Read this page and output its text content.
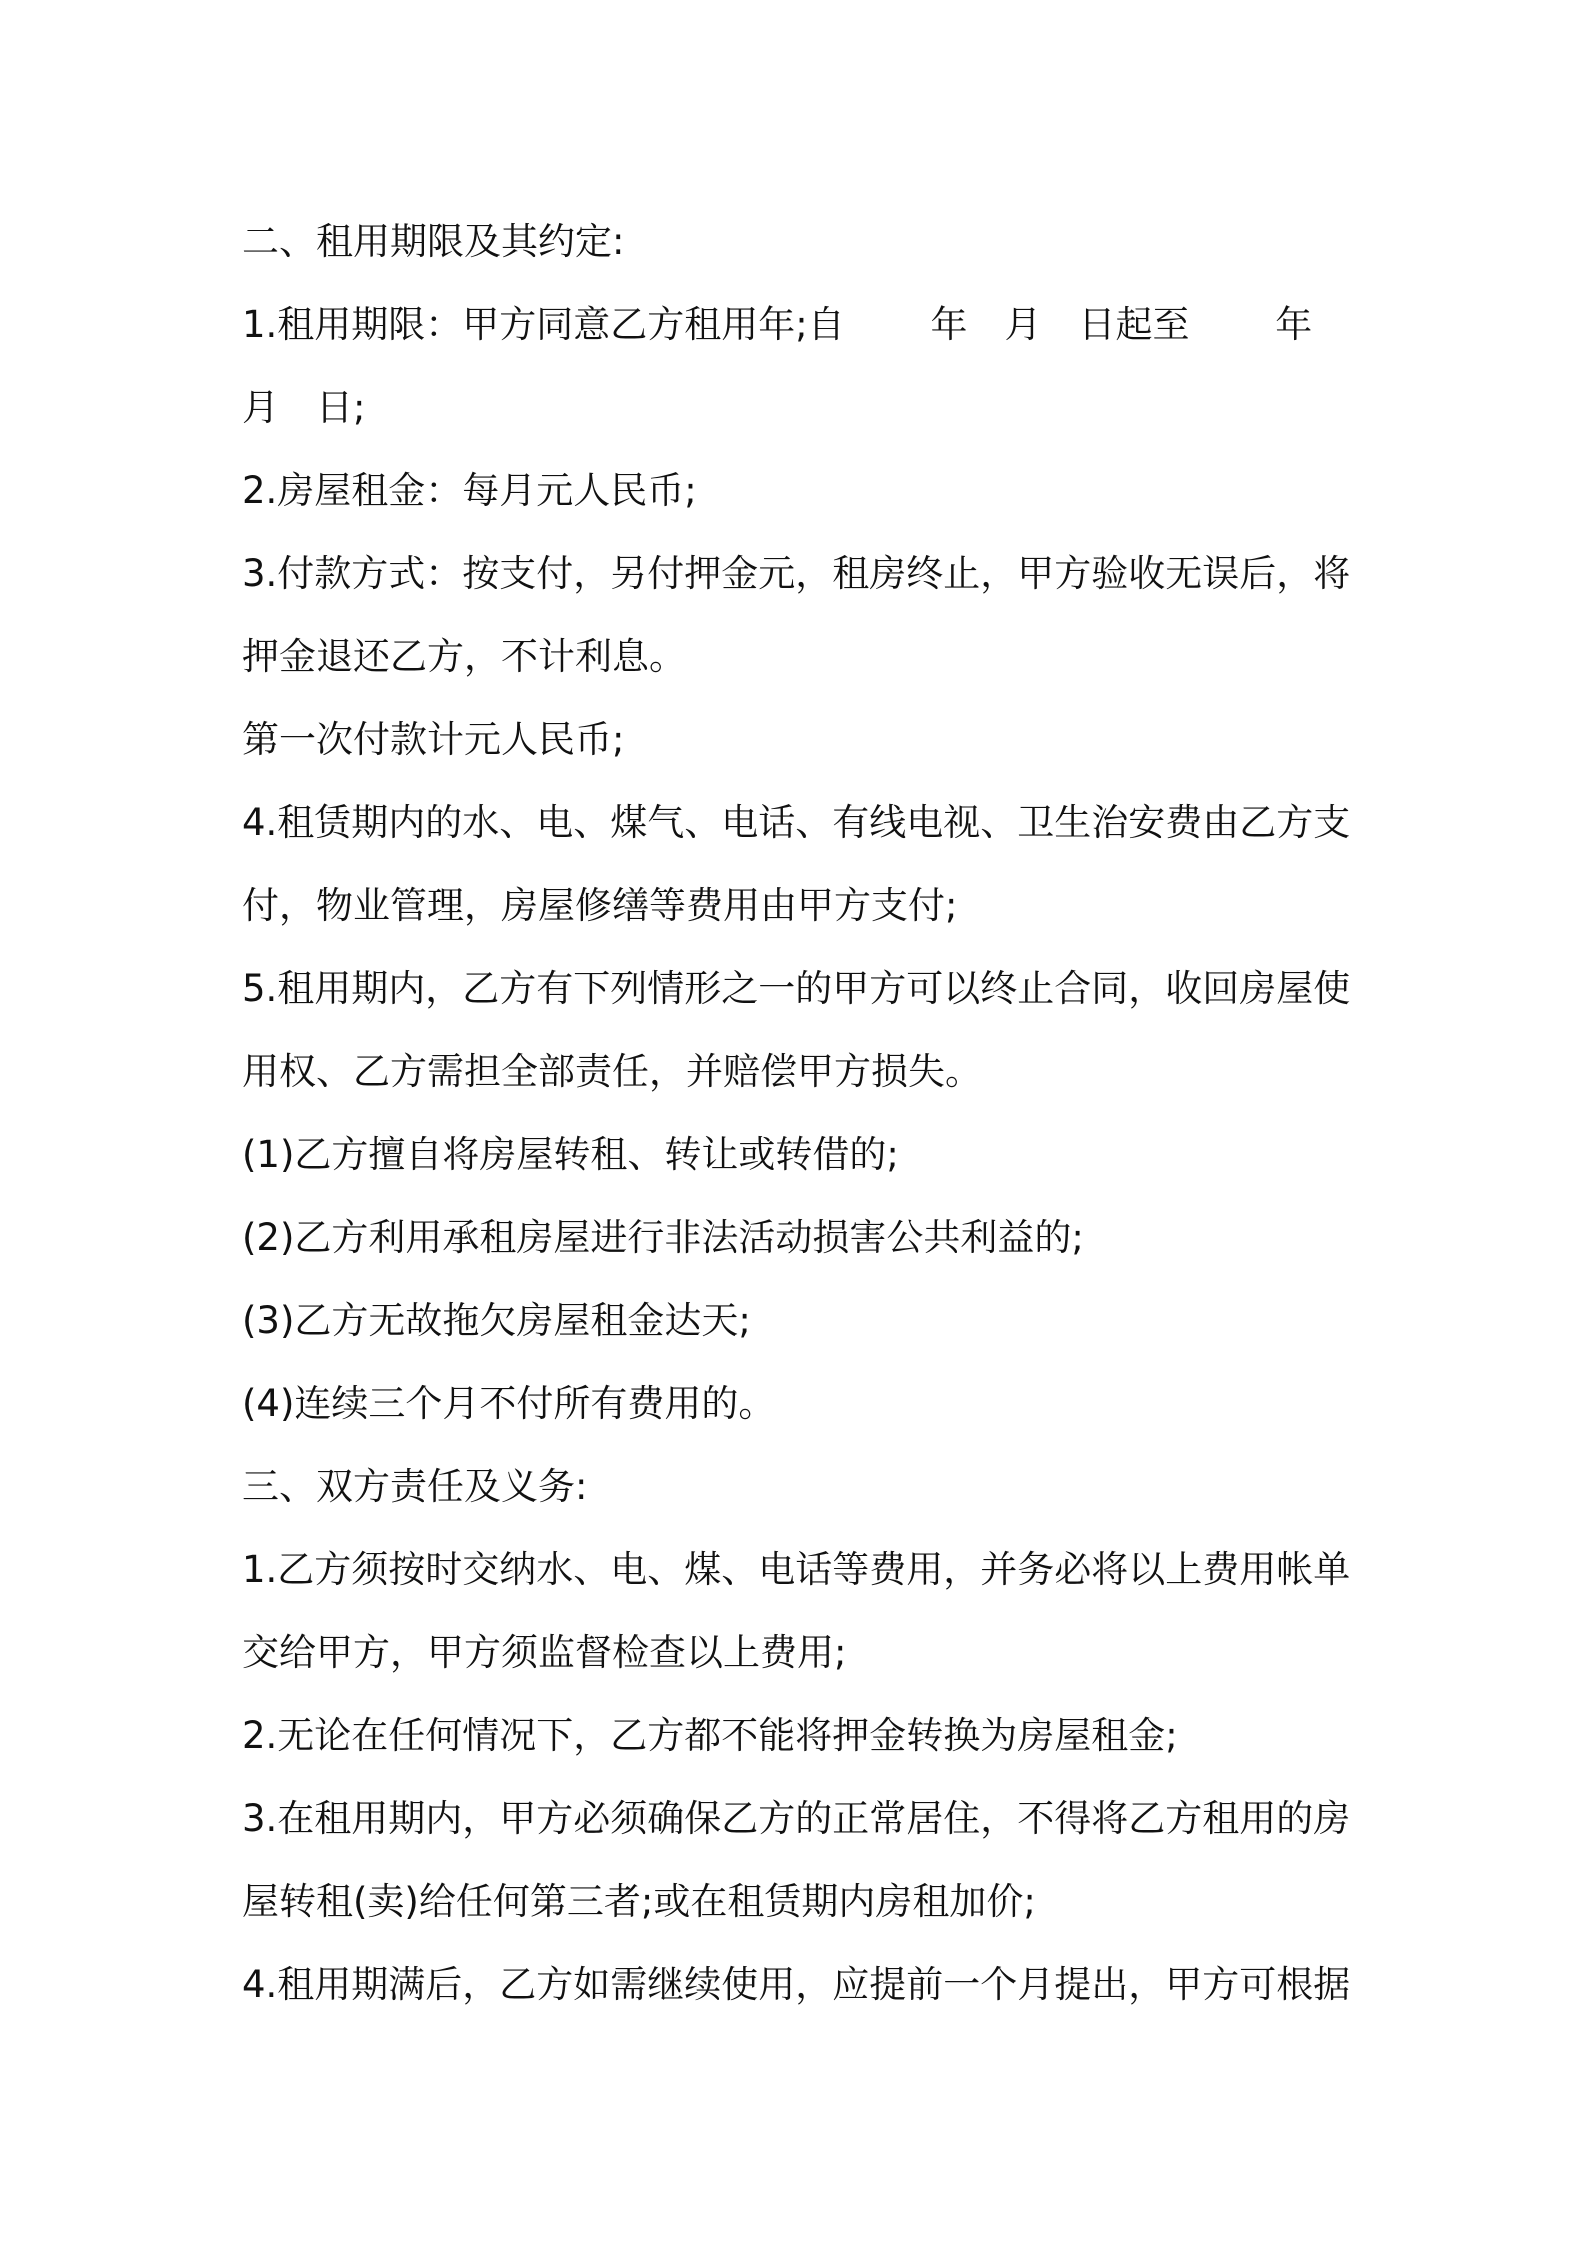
二、租用期限及其约定:
1.租用期限：甲方同意乙方租用年;自　　 年　月　日起至　　 年
月　日;
2.房屋租金：每月元人民币;
3.付款方式：按支付，另付押金元，租房终止，甲方验收无误后，将
押金退还乙方，不计利息。
第一次付款计元人民币;
4.租赁期内的水、电、煤气、电话、有线电视、卫生治安费由乙方支
付，物业管理，房屋修缮等费用由甲方支付;
5.租用期内，乙方有下列情形之一的甲方可以终止合同，收回房屋使
用权、乙方需担全部责任，并赔偿甲方损失。
(1)乙方擅自将房屋转租、转让或转借的;
(2)乙方利用承租房屋进行非法活动损害公共利益的;
(3)乙方无故拖欠房屋租金达天;
(4)连续三个月不付所有费用的。
三、双方责任及义务:
1.乙方须按时交纳水、电、煤、电话等费用，并务必将以上费用帐单
交给甲方，甲方须监督检查以上费用;
2.无论在任何情况下，乙方都不能将押金转换为房屋租金;
3.在租用期内，甲方必须确保乙方的正常居住，不得将乙方租用的房
屋转租(卖)给任何第三者;或在租赁期内房租加价;
4.租用期满后，乙方如需继续使用，应提前一个月提出，甲方可根据
